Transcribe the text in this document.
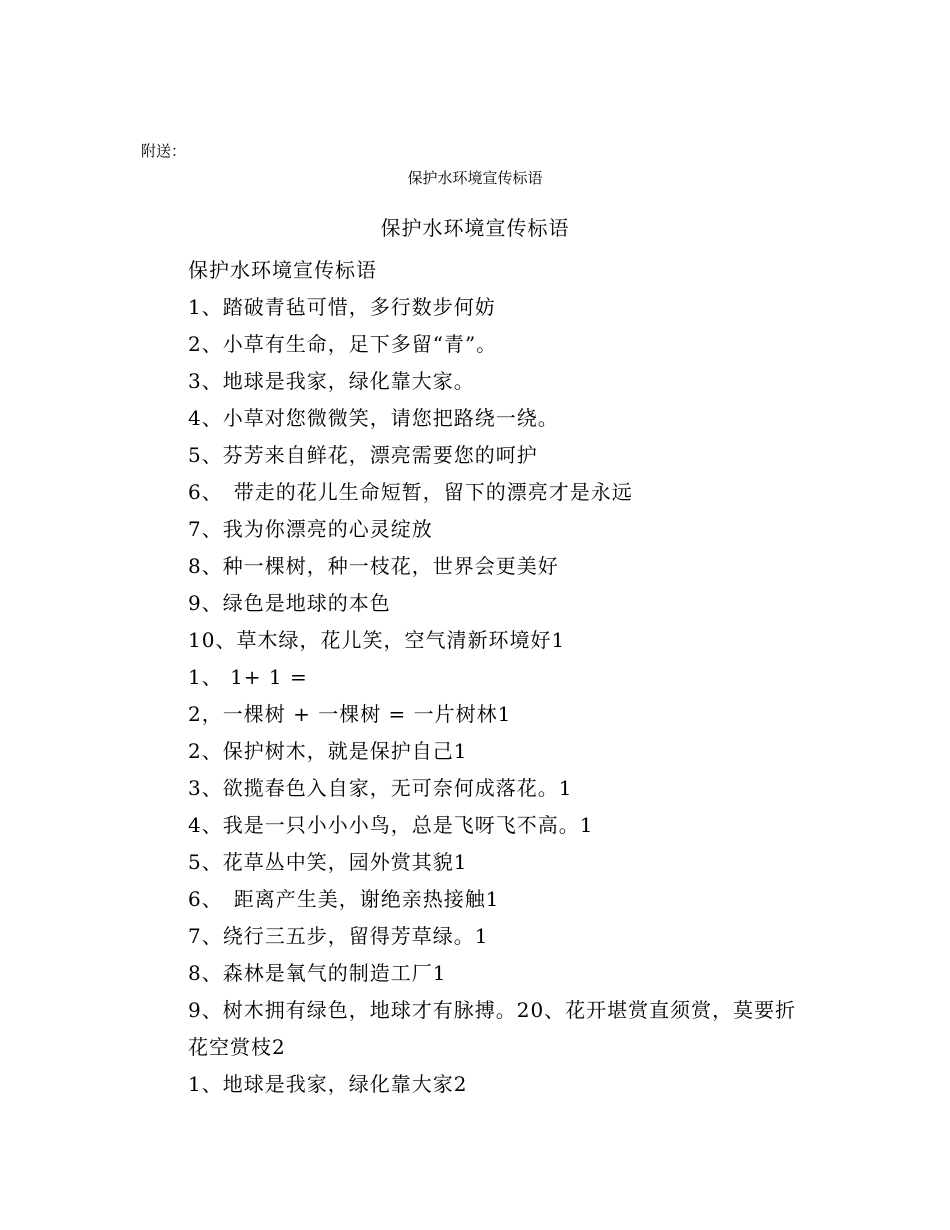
附送：
保护水环境宣传标语
保护水环境宣传标语
保护水环境宣传标语
1、踏破青毡可惜，多行数步何妨
2、小草有生命，足下多留“青”。
3、地球是我家，绿化靠大家。
4、小草对您微微笑，请您把路绕一绕。
5、芬芳来自鲜花，漂亮需要您的呵护
6、　带走的花儿生命短暂，留下的漂亮才是永远
7、我为你漂亮的心灵绽放
8、种一棵树，种一枝花，世界会更美好
9、绿色是地球的本色
10、草木绿，花儿笑，空气清新环境好1
1、 1+ 1 =
2，一棵树 + 一棵树 = 一片树林1
2、保护树木，就是保护自己1
3、欲揽春色入自家，无可奈何成落花。1
4、我是一只小小小鸟，总是飞呀飞不高。1
5、花草丛中笑，园外赏其貌1
6、　距离产生美，谢绝亲热接触1
7、绕行三五步，留得芳草绿。1
8、森林是氧气的制造工厂1
9、树木拥有绿色，地球才有脉搏。20、花开堪赏直须赏，莫要折花空赏枝2
1、地球是我家，绿化靠大家2
